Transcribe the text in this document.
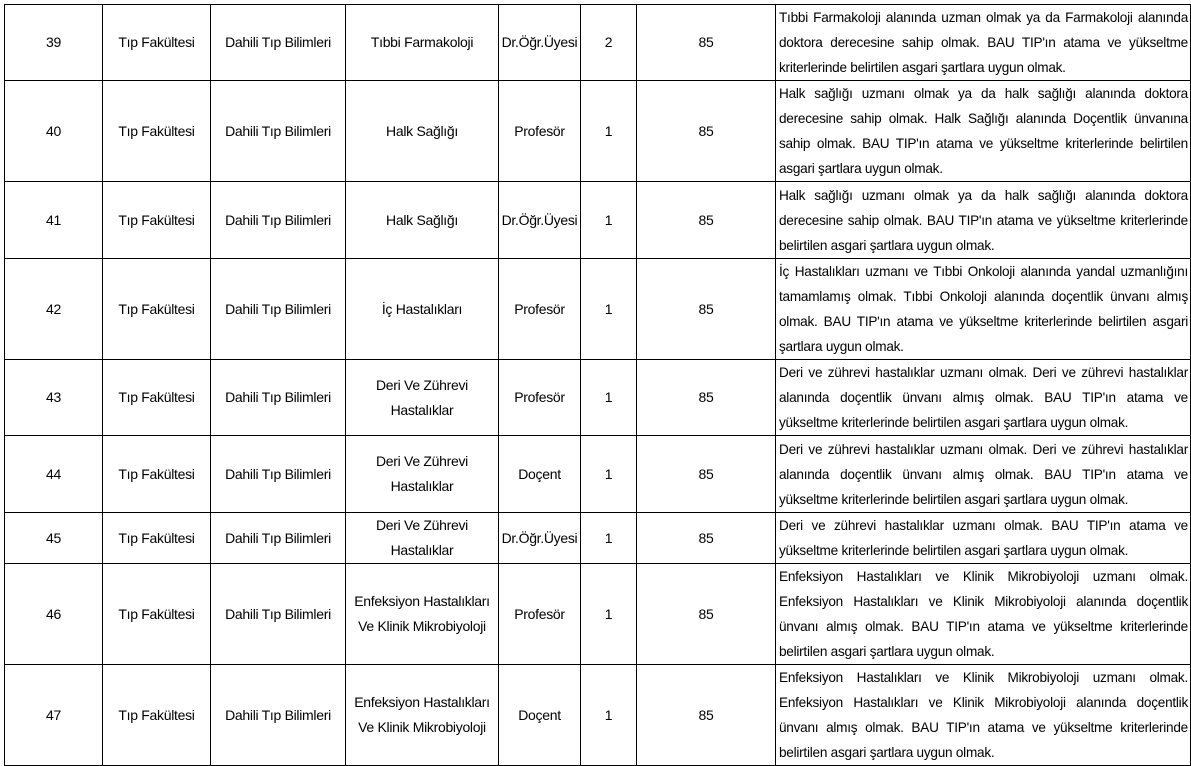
39	Tıp Fakültesi	Dahili Tıp Bilimleri	Tıbbi Farmakoloji	Dr.Öğr.Üyesi	2	85	Tıbbi Farmakoloji alanında uzman olmak ya da Farmakoloji alanında doktora derecesine sahip olmak. BAU TIP'ın atama ve yükseltme kriterlerinde belirtilen asgari şartlara uygun olmak.
40	Tıp Fakültesi	Dahili Tıp Bilimleri	Halk Sağlığı	Profesör	1	85	Halk sağlığı uzmanı olmak ya da halk sağlığı alanında doktora derecesine sahip olmak. Halk Sağlığı alanında Doçentlik ünvanına sahip olmak. BAU TIP'ın atama ve yükseltme kriterlerinde belirtilen asgari şartlara uygun olmak.
41	Tıp Fakültesi	Dahili Tıp Bilimleri	Halk Sağlığı	Dr.Öğr.Üyesi	1	85	Halk sağlığı uzmanı olmak ya da halk sağlığı alanında doktora derecesine sahip olmak. BAU TIP'ın atama ve yükseltme kriterlerinde belirtilen asgari şartlara uygun olmak.
42	Tıp Fakültesi	Dahili Tıp Bilimleri	İç Hastalıkları	Profesör	1	85	İç Hastalıkları uzmanı ve Tıbbi Onkoloji alanında yandal uzmanlığını tamamlamış olmak. Tıbbi Onkoloji alanında doçentlik ünvanı almış olmak. BAU TIP'ın atama ve yükseltme kriterlerinde belirtilen asgari şartlara uygun olmak.
43	Tıp Fakültesi	Dahili Tıp Bilimleri	Deri Ve Zührevi Hastalıklar	Profesör	1	85	Deri ve zührevi hastalıklar uzmanı olmak. Deri ve zührevi hastalıklar alanında doçentlik ünvanı almış olmak. BAU TIP'ın atama ve yükseltme kriterlerinde belirtilen asgari şartlara uygun olmak.
44	Tıp Fakültesi	Dahili Tıp Bilimleri	Deri Ve Zührevi Hastalıklar	Doçent	1	85	Deri ve zührevi hastalıklar uzmanı olmak. Deri ve zührevi hastalıklar alanında doçentlik ünvanı almış olmak. BAU TIP'ın atama ve yükseltme kriterlerinde belirtilen asgari şartlara uygun olmak.
45	Tıp Fakültesi	Dahili Tıp Bilimleri	Deri Ve Zührevi Hastalıklar	Dr.Öğr.Üyesi	1	85	Deri ve zührevi hastalıklar uzmanı olmak. BAU TIP'ın atama ve yükseltme kriterlerinde belirtilen asgari şartlara uygun olmak.
46	Tıp Fakültesi	Dahili Tıp Bilimleri	Enfeksiyon Hastalıkları Ve Klinik Mikrobiyoloji	Profesör	1	85	Enfeksiyon Hastalıkları ve Klinik Mikrobiyoloji uzmanı olmak. Enfeksiyon Hastalıkları ve Klinik Mikrobiyoloji alanında doçentlik ünvanı almış olmak. BAU TIP'ın atama ve yükseltme kriterlerinde belirtilen asgari şartlara uygun olmak.
47	Tıp Fakültesi	Dahili Tıp Bilimleri	Enfeksiyon Hastalıkları Ve Klinik Mikrobiyoloji	Doçent	1	85	Enfeksiyon Hastalıkları ve Klinik Mikrobiyoloji uzmanı olmak. Enfeksiyon Hastalıkları ve Klinik Mikrobiyoloji alanında doçentlik ünvanı almış olmak. BAU TIP'ın atama ve yükseltme kriterlerinde belirtilen asgari şartlara uygun olmak.
